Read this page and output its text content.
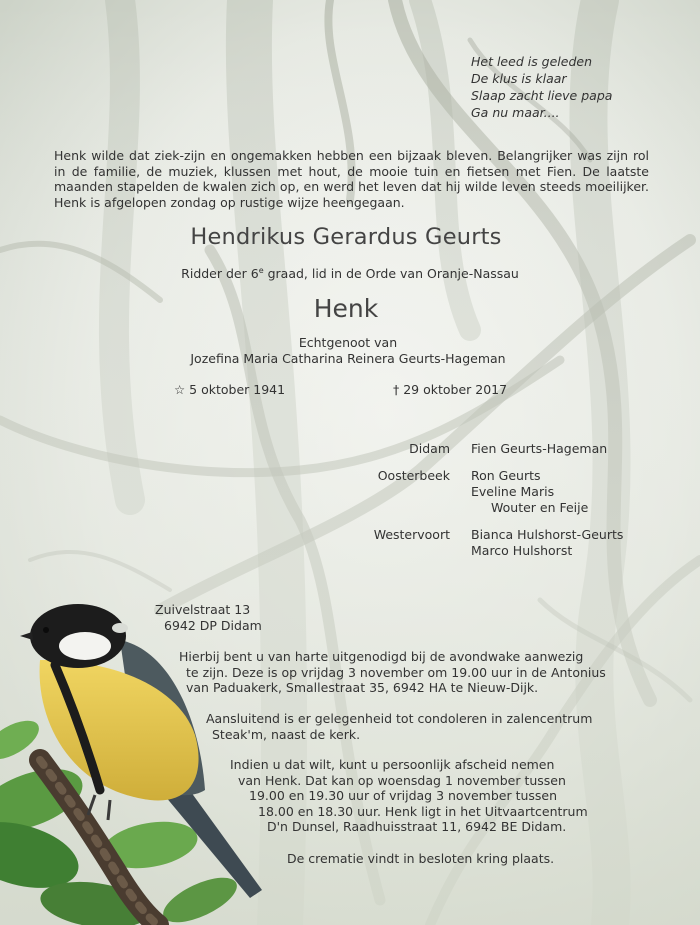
Het leed is geleden
De klus is klaar
Slaap zacht lieve papa
Ga nu maar....
Henk wilde dat ziek-zijn en ongemakken hebben een bijzaak bleven. Belangrijker was zijn rol in de familie, de muziek, klussen met hout, de mooie tuin en fietsen met Fien. De laatste maanden stapelden de kwalen zich op, en werd het leven dat hij wilde leven steeds moeilijker. Henk is afgelopen zondag op rustige wijze heengegaan.
Hendrikus Gerardus Geurts
Ridder der 6e graad, lid in de Orde van Oranje-Nassau
Henk
Echtgenoot van
Jozefina Maria Catharina Reinera Geurts-Hageman
☆ 5 oktober 1941	† 29 oktober 2017
Didam Fien Geurts-Hageman
Oosterbeek Ron Geurts
Eveline Maris
Wouter en Feije
Westervoort Bianca Hulshorst-Geurts
Marco Hulshorst
Zuivelstraat 13
6942 DP Didam
Hierbij bent u van harte uitgenodigd bij de avondwake aanwezig
te zijn. Deze is op vrijdag 3 november om 19.00 uur in de Antonius
van Paduakerk, Smallestraat 35, 6942 HA te Nieuw-Dijk.
Aansluitend is er gelegenheid tot condoleren in zalencentrum
Steak'm, naast de kerk.
Indien u dat wilt, kunt u persoonlijk afscheid nemen
van Henk. Dat kan op woensdag 1 november tussen
19.00 en 19.30 uur of vrijdag 3 november tussen
18.00 en 18.30 uur. Henk ligt in het Uitvaartcentrum
D'n Dunsel, Raadhuisstraat 11, 6942 BE Didam.
De crematie vindt in besloten kring plaats.
